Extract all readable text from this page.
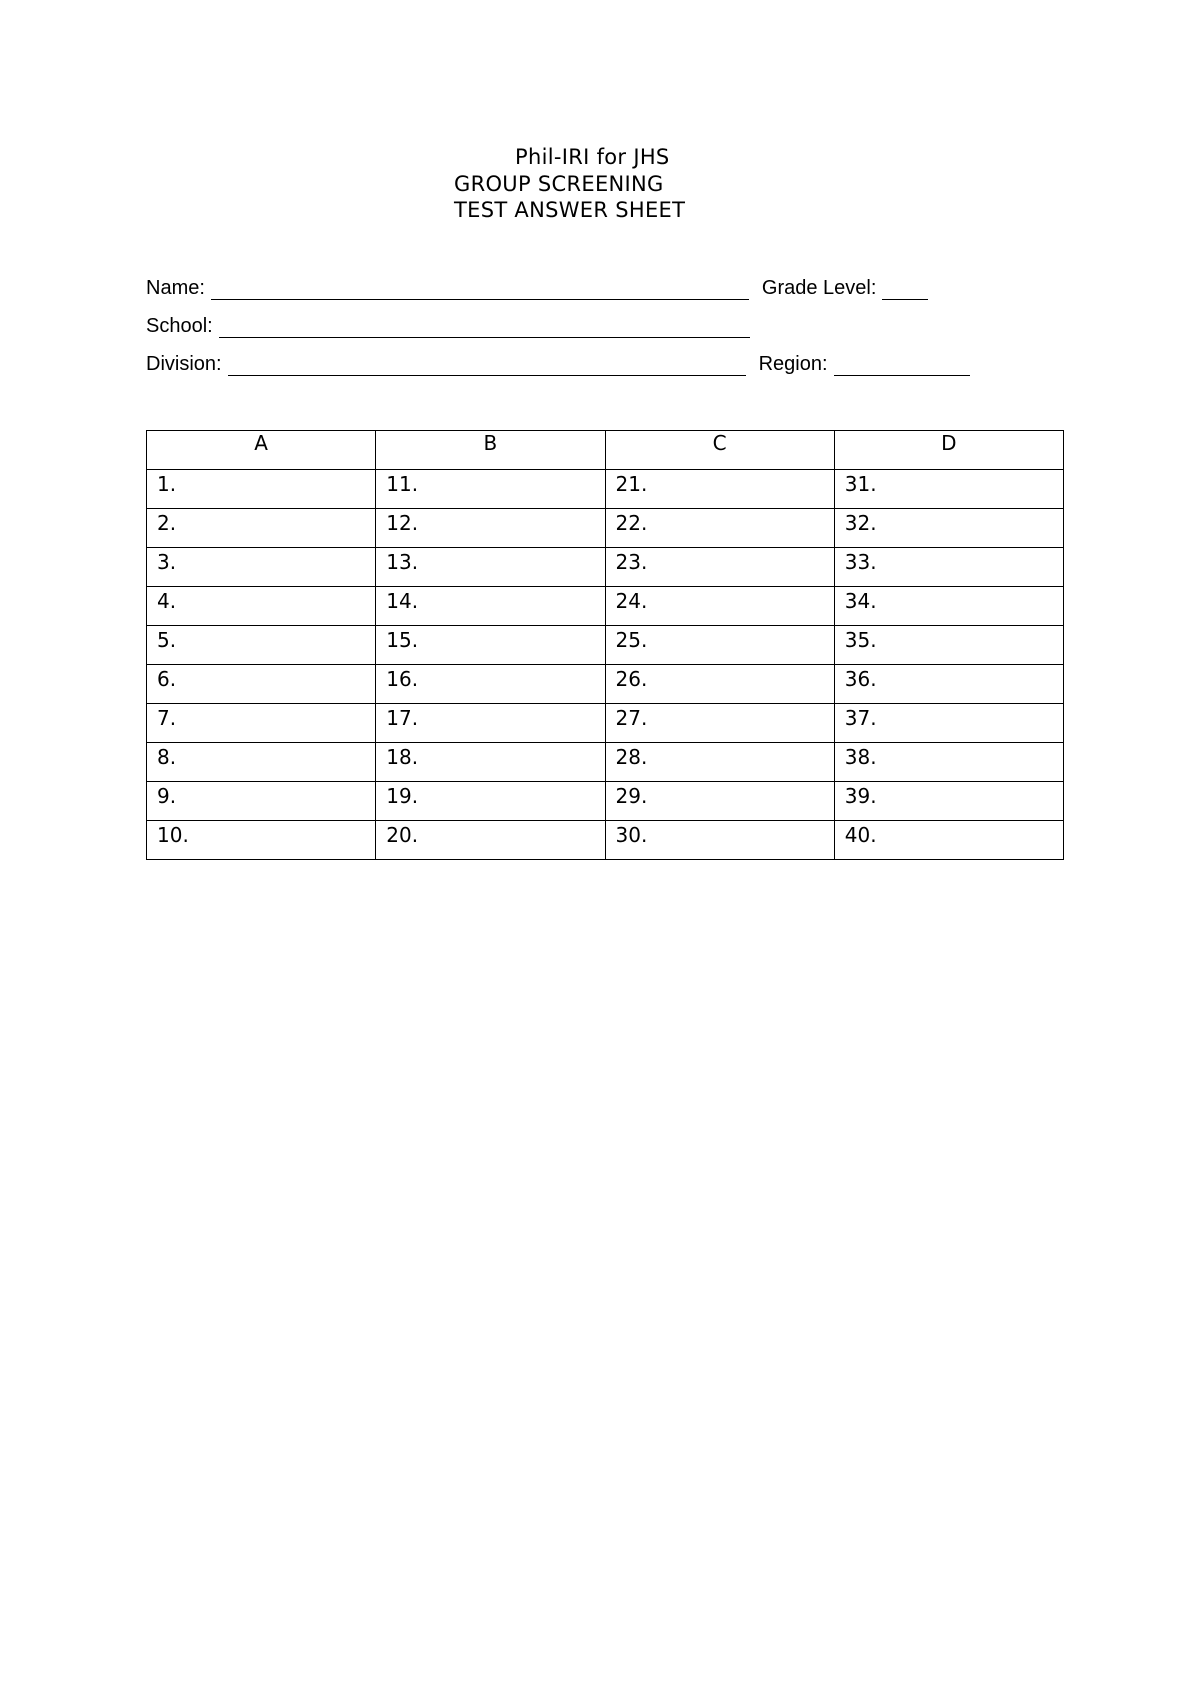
Phil-IRI for JHS
GROUP SCREENING
TEST ANSWER SHEET
Name:	Grade Level:
School:
Division:	Region:
A	B	C	D
1.	11.	21.	31.
2.	12.	22.	32.
3.	13.	23.	33.
4.	14.	24.	34.
5.	15.	25.	35.
6.	16.	26.	36.
7.	17.	27.	37.
8.	18.	28.	38.
9.	19.	29.	39.
10.	20.	30.	40.
